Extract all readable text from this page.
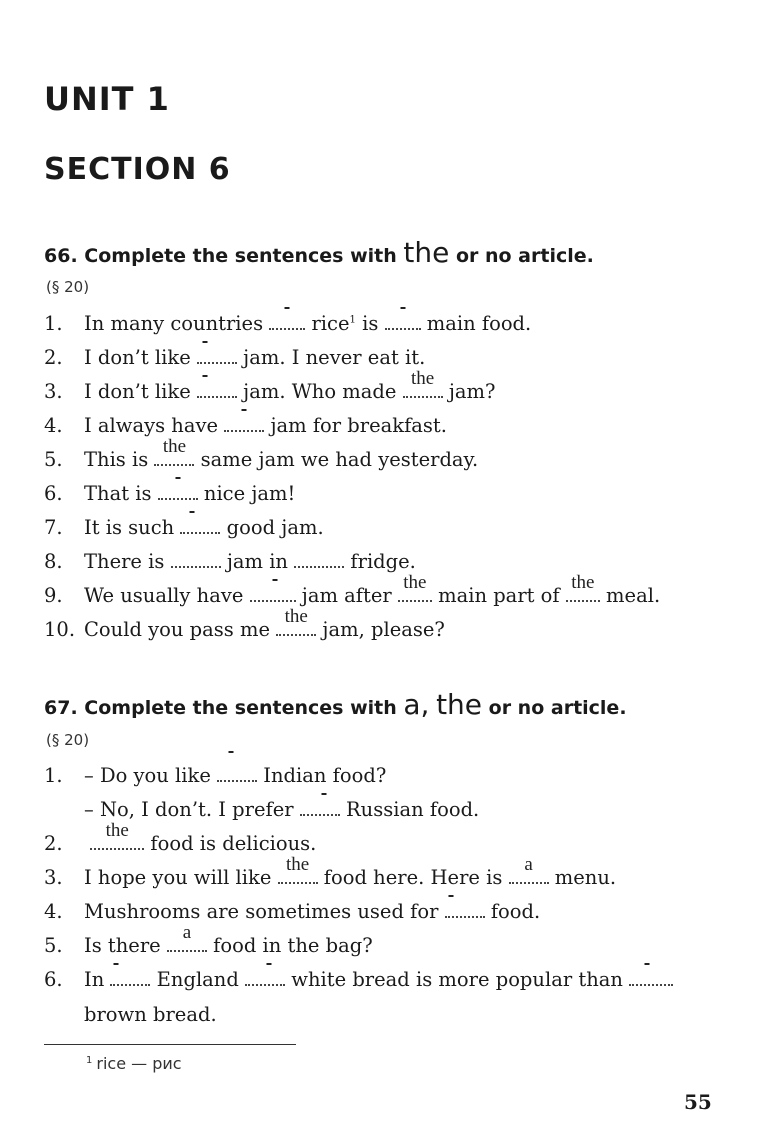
UNIT 1
SECTION 6
66. Complete the sentences with the or no article.
(§ 20)
1. In many countries rice$^1$ is main food.
2. I don’t like	jam. I never eat it.
3. I don’t like	jam. Who made
the
jam?
4. I always have	jam for breakfast.
5. This is
the
same jam we had yesterday.
6. That is	nice jam!
7. It is such	good jam.
8. There is	jam in	fridge.
9. We usually have	jam after
the
main part of
the
meal.
10. Could you pass me
the
jam, please?
67. Complete the sentences with a, the or no article.
(§ 20)
1. – Do you like	Indian food?
– No, I don’t. I prefer	Russian food.
2.
the
food is delicious.
3. I hope you will like
the
food here. Here is
a
menu.
4. Mushrooms are sometimes used for	food.
5. Is there
a
food in the bag?
6. In	England	white bread is more popular than
brown bread.
$^1$ rice — рис
55
